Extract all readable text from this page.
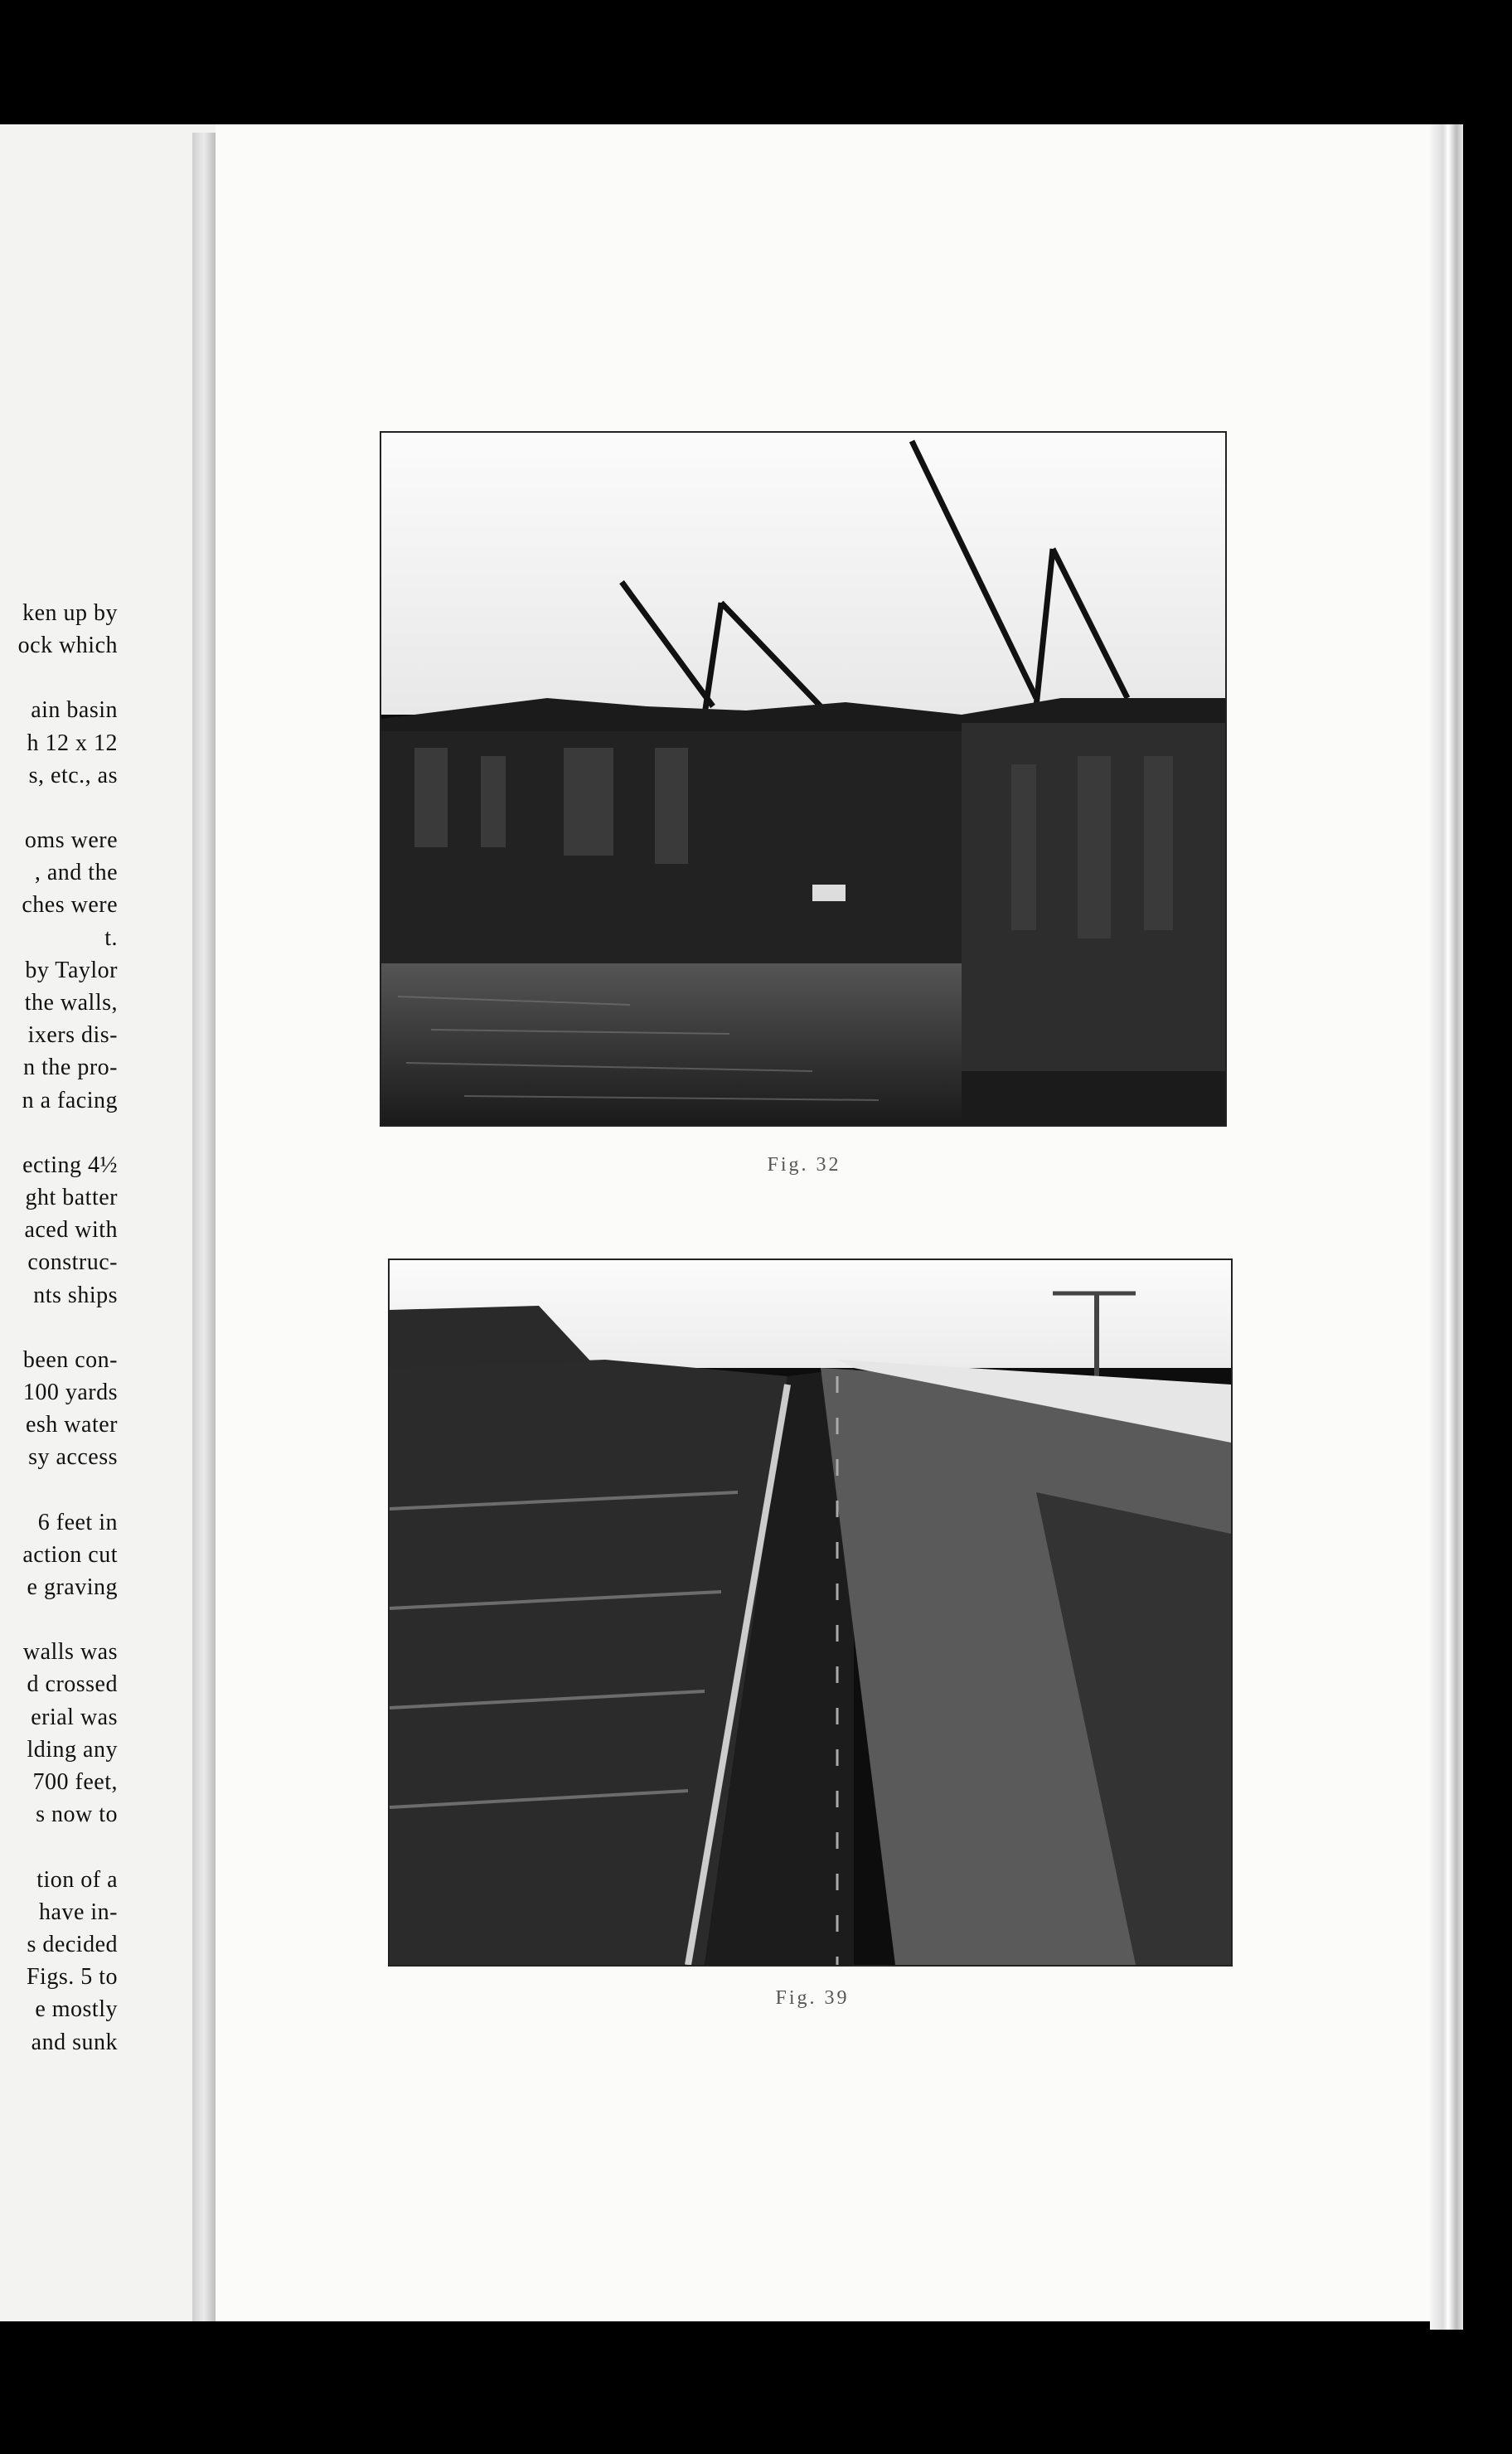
ken up by
ock which
ain basin
h 12 x 12
s, etc., as
oms were
, and the
ches were
t.
by Taylor
the walls,
ixers dis-
n the pro-
n a facing
ecting 4½
ght batter
aced with
construc-
nts ships
been con-
100 yards
esh water
sy access
6 feet in
action cut
e graving
walls was
d crossed
erial was
lding any
700 feet,
s now to
tion of a
have in-
s decided
Figs. 5 to
e mostly
and sunk
Fig. 32
Fig. 39
